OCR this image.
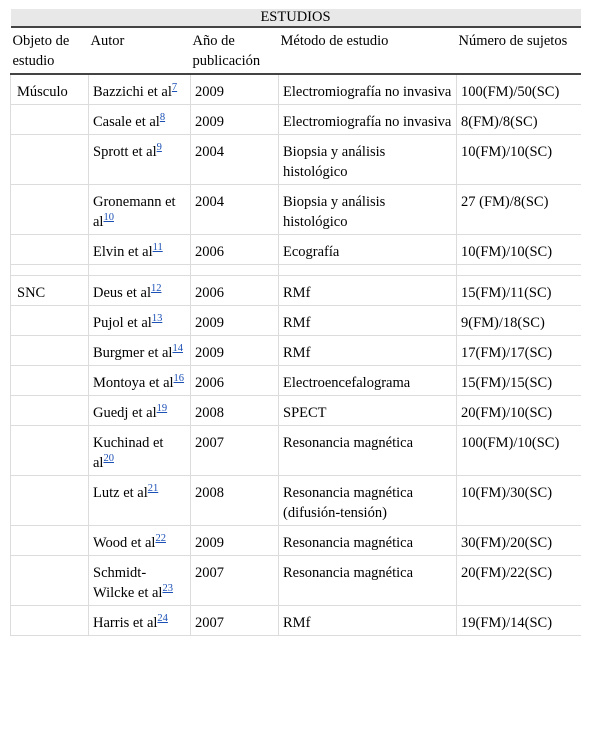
ESTUDIOS				
Objeto de estudio	Autor	Año de publicación	Método de estudio	Número de sujetos
Músculo	Bazzichi et al$^7$	2009	Electromiografía no invasiva	100(FM)/50(SC)
	Casale et al$^8$	2009	Electromiografía no invasiva	8(FM)/8(SC)
	Sprott et al$^9$	2004	Biopsia y análisis histológico	10(FM)/10(SC)
	Gronemann et al$^{10}$	2004	Biopsia y análisis histológico	27 (FM)/8(SC)
	Elvin et al$^{11}$	2006	Ecografía	10(FM)/10(SC)

SNC	Deus et al$^{12}$	2006	RMf	15(FM)/11(SC)
	Pujol et al$^{13}$	2009	RMf	9(FM)/18(SC)
	Burgmer et al$^{14}$	2009	RMf	17(FM)/17(SC)
	Montoya et al$^{16}$	2006	Electroencefalograma	15(FM)/15(SC)
	Guedj et al$^{19}$	2008	SPECT	20(FM)/10(SC)
	Kuchinad et al$^{20}$	2007	Resonancia magnética	100(FM)/10(SC)
	Lutz et al$^{21}$	2008	Resonancia magnética (difusión-tensión)	10(FM)/30(SC)
	Wood et al$^{22}$	2009	Resonancia magnética	30(FM)/20(SC)
	Schmidt-Wilcke et al$^{23}$	2007	Resonancia magnética	20(FM)/22(SC)
	Harris et al$^{24}$	2007	RMf	19(FM)/14(SC)
